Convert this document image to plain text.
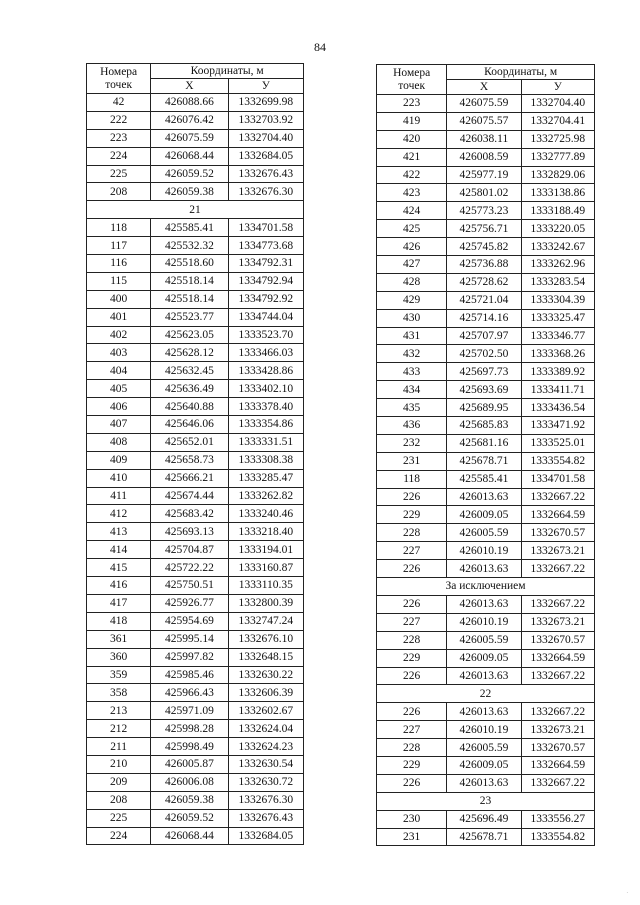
84
Номера
точек	Координаты, м	
	X	У
42	426088.66	1332699.98
222	426076.42	1332703.92
223	426075.59	1332704.40
224	426068.44	1332684.05
225	426059.52	1332676.43
208	426059.38	1332676.30
21		
118	425585.41	1334701.58
117	425532.32	1334773.68
116	425518.60	1334792.31
115	425518.14	1334792.94
400	425518.14	1334792.92
401	425523.77	1334744.04
402	425623.05	1333523.70
403	425628.12	1333466.03
404	425632.45	1333428.86
405	425636.49	1333402.10
406	425640.88	1333378.40
407	425646.06	1333354.86
408	425652.01	1333331.51
409	425658.73	1333308.38
410	425666.21	1333285.47
411	425674.44	1333262.82
412	425683.42	1333240.46
413	425693.13	1333218.40
414	425704.87	1333194.01
415	425722.22	1333160.87
416	425750.51	1333110.35
417	425926.77	1332800.39
418	425954.69	1332747.24
361	425995.14	1332676.10
360	425997.82	1332648.15
359	425985.46	1332630.22
358	425966.43	1332606.39
213	425971.09	1332602.67
212	425998.28	1332624.04
211	425998.49	1332624.23
210	426005.87	1332630.54
209	426006.08	1332630.72
208	426059.38	1332676.30
225	426059.52	1332676.43
224	426068.44	1332684.05
Номера
точек	Координаты, м	
	X	У
223	426075.59	1332704.40
419	426075.57	1332704.41
420	426038.11	1332725.98
421	426008.59	1332777.89
422	425977.19	1332829.06
423	425801.02	1333138.86
424	425773.23	1333188.49
425	425756.71	1333220.05
426	425745.82	1333242.67
427	425736.88	1333262.96
428	425728.62	1333283.54
429	425721.04	1333304.39
430	425714.16	1333325.47
431	425707.97	1333346.77
432	425702.50	1333368.26
433	425697.73	1333389.92
434	425693.69	1333411.71
435	425689.95	1333436.54
436	425685.83	1333471.92
232	425681.16	1333525.01
231	425678.71	1333554.82
118	425585.41	1334701.58
226	426013.63	1332667.22
229	426009.05	1332664.59
228	426005.59	1332670.57
227	426010.19	1332673.21
226	426013.63	1332667.22
За исключением		
226	426013.63	1332667.22
227	426010.19	1332673.21
228	426005.59	1332670.57
229	426009.05	1332664.59
226	426013.63	1332667.22
22		
226	426013.63	1332667.22
227	426010.19	1332673.21
228	426005.59	1332670.57
229	426009.05	1332664.59
226	426013.63	1332667.22
23		
230	425696.49	1333556.27
231	425678.71	1333554.82
.
